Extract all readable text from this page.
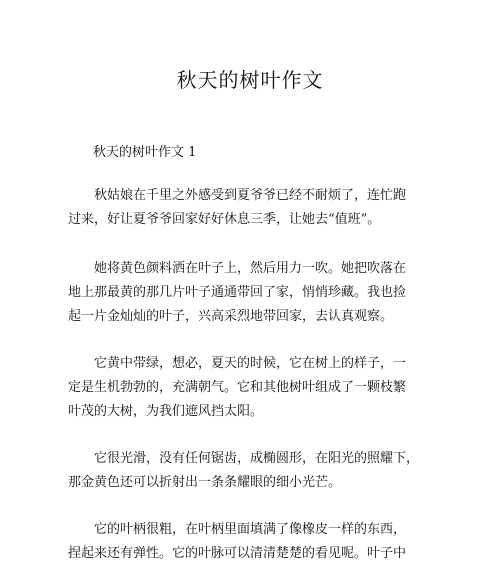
秋天的树叶作文
秋天的树叶作文 1

秋姑娘在千里之外感受到夏爷爷已经不耐烦了，连忙跑
过来，好让夏爷爷回家好好休息三季，让她去“值班”。

她将黄色颜料洒在叶子上，然后用力一吹。她把吹落在
地上那最黄的那几片叶子通通带回了家，悄悄珍藏。我也捡
起一片金灿灿的叶子，兴高采烈地带回家，去认真观察。

它黄中带绿，想必，夏天的时候，它在树上的样子，一
定是生机勃勃的，充满朝气。它和其他树叶组成了一颗枝繁
叶茂的大树，为我们遮风挡太阳。

它很光滑，没有任何锯齿，成椭圆形，在阳光的照耀下，
那金黄色还可以折射出一条条耀眼的细小光芒。

它的叶柄很粗，在叶柄里面填满了像橡皮一样的东西，
捏起来还有弹性。它的叶脉可以清清楚楚的看见呢。叶子中
